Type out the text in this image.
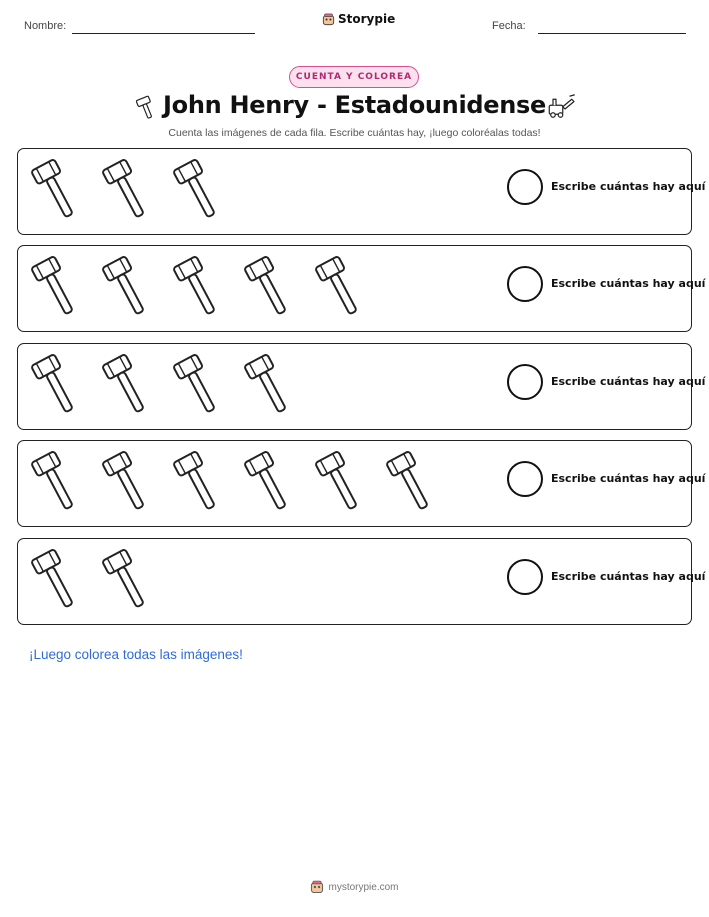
Nombre:	Storypie	Fecha:
CUENTA Y COLOREA
John Henry - Estadounidense
Cuenta las imágenes de cada fila. Escribe cuántas hay, ¡luego coloréalas todas!
Escribe cuántas hay aquí
Escribe cuántas hay aquí
Escribe cuántas hay aquí
Escribe cuántas hay aquí
Escribe cuántas hay aquí
¡Luego colorea todas las imágenes!
mystorypie.com
